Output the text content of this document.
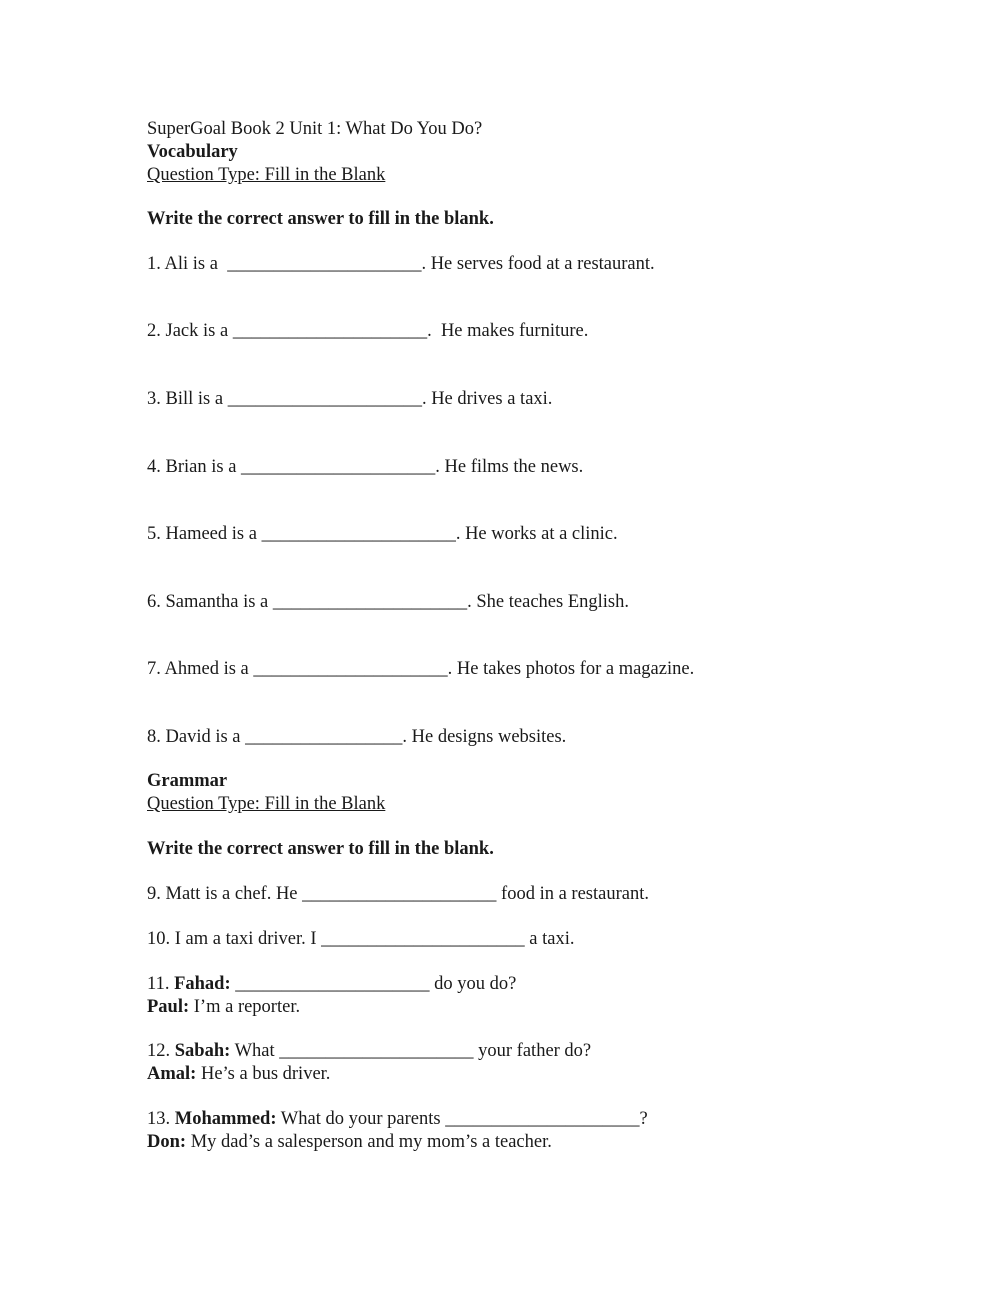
SuperGoal Book 2 Unit 1: What Do You Do?
Vocabulary
Question Type: Fill in the Blank
Write the correct answer to fill in the blank.
1. Ali is a _____________________. He serves food at a restaurant.
2. Jack is a _____________________.  He makes furniture.
3. Bill is a _____________________. He drives a taxi.
4. Brian is a _____________________. He films the news.
5. Hameed is a _____________________. He works at a clinic.
6. Samantha is a _____________________. She teaches English.
7. Ahmed is a _____________________. He takes photos for a magazine.
8. David is a _________________. He designs websites.
Grammar
Question Type: Fill in the Blank
Write the correct answer to fill in the blank.
9. Matt is a chef. He _____________________ food in a restaurant.
10. I am a taxi driver. I ______________________ a taxi.
11. Fahad: _____________________ do you do?
Paul: I’m a reporter.
12. Sabah: What _____________________ your father do?
Amal: He’s a bus driver.
13. Mohammed: What do your parents _____________________?
Don: My dad’s a salesperson and my mom’s a teacher.
